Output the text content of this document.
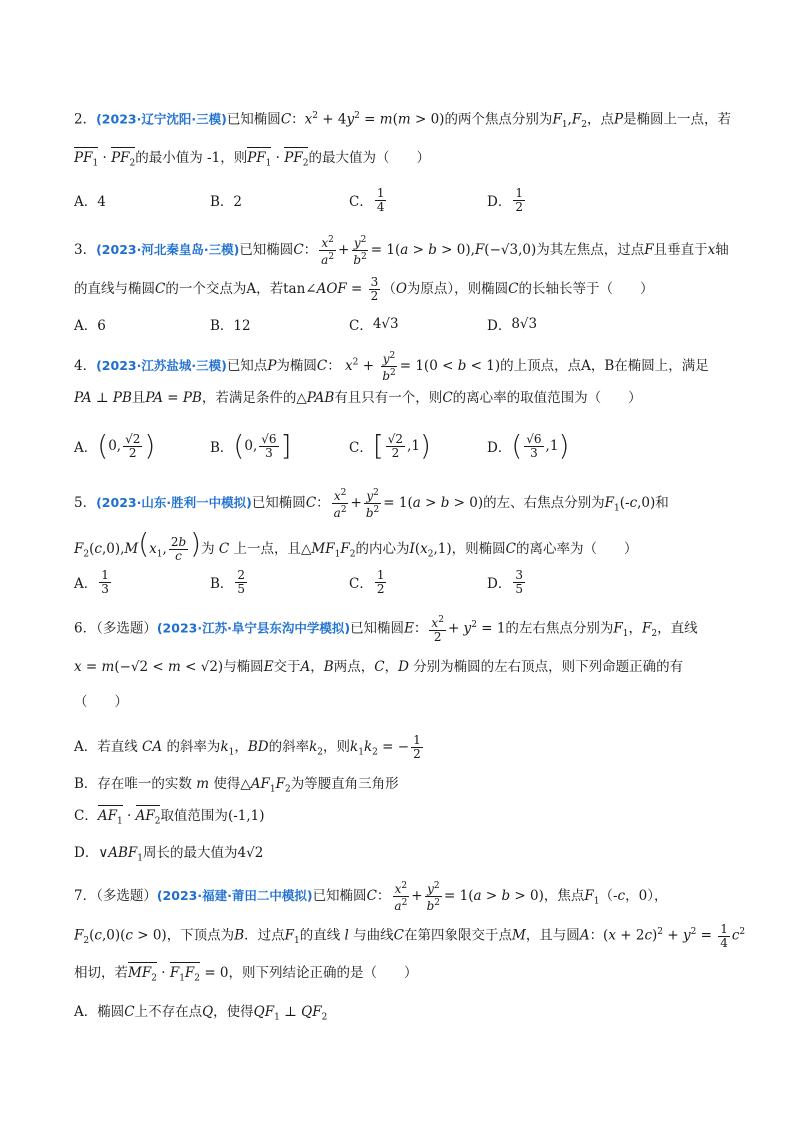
2．(2023·辽宁沈阳·三模)已知椭圆C：$x^2 + 4y^2 = m(m > 0)$的两个焦点分别为$F_1,F_2$，点P是椭圆上一点，若
$PF_1 \cdot PF_2$的最小值为 -1，则$PF_1 \cdot PF_2$的最大值为（　　）
A．4	B．2	C． $\frac{1}{4}$	D． $\frac{1}{2}$
3．(2023·河北秦皇岛·三模)已知椭圆C： $\frac{x^2}{a^2} + \frac{y^2}{b^2} = 1(a > b > 0),F(-√3,0)$为其左焦点，过点F且垂直于x轴
的直线与椭圆C的一个交点为A，若tan∠AOF = $\frac{3}{2} (O$为原点），则椭圆C的长轴长等于（　　）
A．6	B．12	C． 4√3	D． 8√3
4．(2023·江苏盐城·三模)已知点P为椭圆C： $x^2 + \frac{y^2}{b^2} = 1(0 < b < 1)$的上顶点，点A，B在椭圆上，满足
PA ⊥ PB且PA = PB，若满足条件的△PAB有且只有一个，则C的离心率的取值范围为（　　）
A． ( 0, $\frac{√2}{2}$ )	B． ( 0, $\frac{√6}{3}$ ]	C． [ $\frac{√2}{2} ,1$ )	D． ( $\frac{√6}{3} ,1$ )
5．(2023·山东·胜利一中模拟)已知椭圆C： $\frac{x^2}{a^2} + \frac{y^2}{b^2} = 1(a > b > 0)$的左、右焦点分别为$F_1(-c,0)$和
$F_2(c,0),M(x_1$, $\frac{2b}{c}$ )为 C 上一点，且$\triangle MF_1F_2$的内心为$I(x_2,1)$，则椭圆C的离心率为（　　）
A． $\frac{1}{3}$	B． $\frac{2}{5}$	C． $\frac{1}{2}$	D． $\frac{3}{5}$
6．（多选题）(2023·江苏·阜宁县东沟中学模拟)已知椭圆E： $\frac{x^2}{2} + y^2 = 1$的左右焦点分别为$F_1$，$F_2$，直线
x = m(−√2 < m < √2)与椭圆E交于A，B两点，C，D 分别为椭圆的左右顶点，则下列命题正确的有
（　　）
A．若直线 CA 的斜率为$k_1$，BD的斜率$k_2$，则$k_1k_2$ = − $\frac{1}{2}$
B．存在唯一的实数 m 使得$\triangle AF_1F_2$为等腰直角三角形
C．$AF_1 \cdot AF_2$取值范围为(-1,1)
D．$\vee ABF_1$周长的最大值为4√2
7．（多选题）(2023·福建·莆田二中模拟)已知椭圆C： $\frac{x^2}{a^2} + \frac{y^2}{b^2} = 1(a > b > 0)$，焦点$F_1(-c$，0），
$F_2(c,0)(c > 0)$，下顶点为B．过点$F_1$的直线 l 与曲线C在第四象限交于点M，且与圆A：$(x + 2c)^2 + y^2 = \frac{1}{4} c^2$
相切，若$MF_2 \cdot F_1F_2 = 0$，则下列结论正确的是（　　）
A．椭圆C上不存在点Q，使得$QF_1$ ⊥ $QF_2$
